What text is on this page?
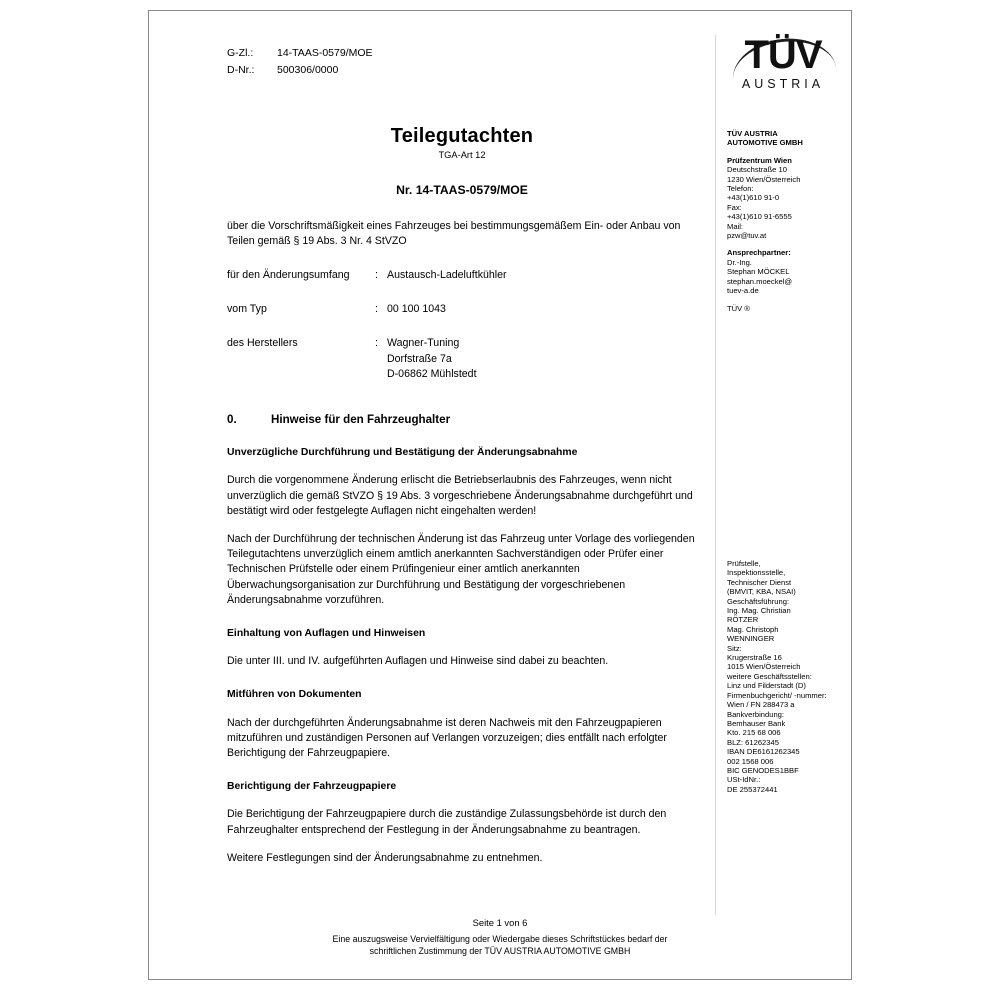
G-Zl.:	14-TAAS-0579/MOE
D-Nr.:	500306/0000	TÜV
AUSTRIA
TÜV AUSTRIA
AUTOMOTIVE GMBH
Prüfzentrum Wien
Deutschstraße 10
1230 Wien/Österreich
Telefon:
+43(1)610 91-0
Fax:
+43(1)610 91-6555
Mail:
pzw@tuv.at
Ansprechpartner:
Dr.-Ing.
Stephan MÖCKEL
stephan.moeckel@
tuev-a.de
TÜV ®
Prüfstelle,
Inspektionsstelle,
Technischer Dienst
(BMVIT, KBA, NSAI)
Geschäftsführung:
Ing. Mag. Christian
RÖTZER
Mag. Christoph
WENNINGER
Sitz:
Krugerstraße 16
1015 Wien/Österreich
weitere Geschäftsstellen:
Linz und Filderstadt (D)
Firmenbuchgericht/ -nummer:
Wien / FN 288473 a
Bankverbindung:
Bemhauser Bank
Kto. 215 68 006
BLZ: 61262345
IBAN DE6161262345
002 1568 006
BIC GENODES1BBF
USt-IdNr.:
DE 255372441
Teilegutachten
TGA-Art 12
Nr. 14-TAAS-0579/MOE
über die Vorschriftsmäßigkeit eines Fahrzeuges bei bestimmungsgemäßem Ein- oder Anbau von Teilen gemäß § 19 Abs. 3 Nr. 4 StVZO
für den Änderungsumfang	: Austausch-Ladeluftkühler
vom Typ	: 00 100 1043
des Herstellers	: Wagner-Tuning
Dorfstraße 7a
D-06862 Mühlstedt
0.	Hinweise für den Fahrzeughalter
Unverzügliche Durchführung und Bestätigung der Änderungsabnahme
Durch die vorgenommene Änderung erlischt die Betriebserlaubnis des Fahrzeuges, wenn nicht unverzüglich die gemäß StVZO § 19 Abs. 3 vorgeschriebene Änderungsabnahme durchgeführt und bestätigt wird oder festgelegte Auflagen nicht eingehalten werden!
Nach der Durchführung der technischen Änderung ist das Fahrzeug unter Vorlage des vorliegenden Teilegutachtens unverzüglich einem amtlich anerkannten Sachverständigen oder Prüfer einer Technischen Prüfstelle oder einem Prüfingenieur einer amtlich anerkannten Überwachungsorganisation zur Durchführung und Bestätigung der vorgeschriebenen Änderungsabnahme vorzuführen.
Einhaltung von Auflagen und Hinweisen
Die unter III. und IV. aufgeführten Auflagen und Hinweise sind dabei zu beachten.
Mitführen von Dokumenten
Nach der durchgeführten Änderungsabnahme ist deren Nachweis mit den Fahrzeugpapieren mitzuführen und zuständigen Personen auf Verlangen vorzuzeigen; dies entfällt nach erfolgter Berichtigung der Fahrzeugpapiere.
Berichtigung der Fahrzeugpapiere
Die Berichtigung der Fahrzeugpapiere durch die zuständige Zulassungsbehörde ist durch den Fahrzeughalter entsprechend der Festlegung in der Änderungsabnahme zu beantragen.
Weitere Festlegungen sind der Änderungsabnahme zu entnehmen.
Seite 1 von 6
Eine auszugsweise Vervielfältigung oder Wiedergabe dieses Schriftstückes bedarf der
schriftlichen Zustimmung der TÜV AUSTRIA AUTOMOTIVE GMBH
